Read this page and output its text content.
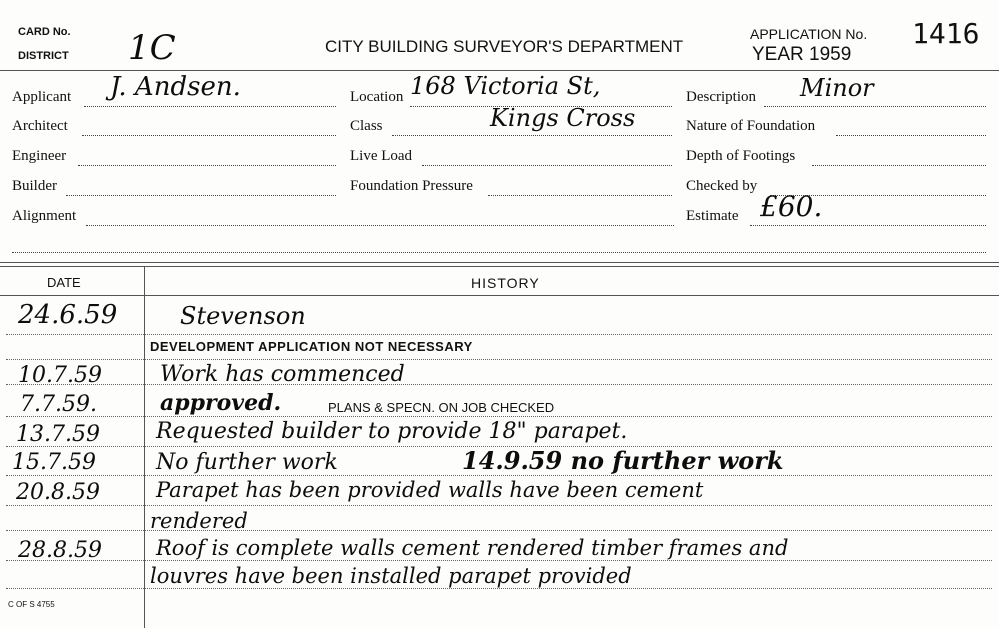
CARD No.
DISTRICT 1C	CITY BUILDING SURVEYOR'S DEPARTMENT
APPLICATION No. 1416
YEAR 1959
Applicant J. Andsen.
Architect
Engineer
Builder
Alignment
Location 168 Victoria St,
Class	Kings Cross
Live Load
Foundation Pressure
Description Minor
Nature of Foundation
Depth of Footings
Checked by
Estimate £60.
DATE	HISTORY
24.6.59	Stevenson
DEVELOPMENT APPLICATION NOT NECESSARY
10.7.59	Work has commenced
7.7.59.	approved.	PLANS & SPECN. ON JOB CHECKED
13.7.59	Requested builder to provide 18" parapet.
15.7.59	No further work	14.9.59 no further work
20.8.59	Parapet has been provided walls have been cement
rendered
28.8.59	Roof is complete walls cement rendered timber frames and
louvres have been installed parapet provided
C OF S 4755
